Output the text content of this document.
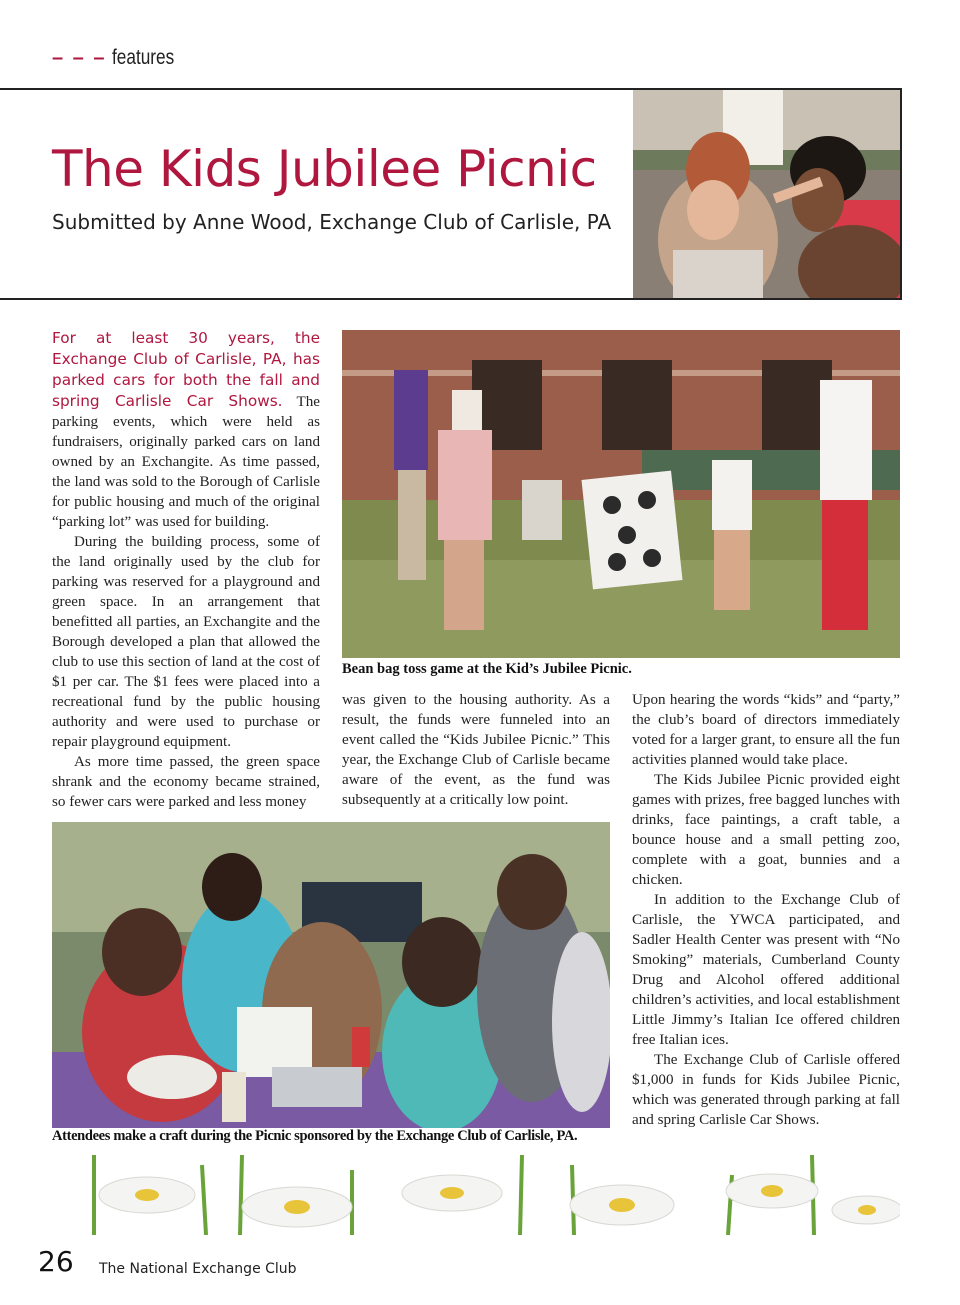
– – – features
The Kids Jubilee Picnic
Submitted by Anne Wood, Exchange Club of Carlisle, PA

For at least 30 years, the Exchange Club of Carlisle, PA, has parked cars for both the fall and spring Carlisle Car Shows. The parking events, which were held as fundraisers, originally parked cars on land owned by an Exchangite. As time passed, the land was sold to the Borough of Carlisle for public housing and much of the original “parking lot” was used for building.

During the building process, some of the land originally used by the club for parking was reserved for a playground and green space. In an arrangement that benefitted all parties, an Exchangite and the Borough developed a plan that allowed the club to use this section of land at the cost of $1 per car. The $1 fees were placed into a recreational fund by the public housing authority and were used to purchase or repair playground equipment.

As more time passed, the green space shrank and the economy became strained, so fewer cars were parked and less money

Bean bag toss game at the Kid’s Jubilee Picnic.

was given to the housing authority. As a result, the funds were funneled into an event called the “Kids Jubilee Picnic.” This year, the Exchange Club of Carlisle became aware of the event, as the fund was subsequently at a critically low point.

Upon hearing the words “kids” and “party,” the club’s board of directors immediately voted for a larger grant, to ensure all the fun activities planned would take place.

The Kids Jubilee Picnic provided eight games with prizes, free bagged lunches with drinks, face paintings, a craft table, a bounce house and a small petting zoo, complete with a goat, bunnies and a chicken.

In addition to the Exchange Club of Carlisle, the YWCA participated, and Sadler Health Center was present with “No Smoking” materials, Cumberland County Drug and Alcohol offered additional children’s activities, and local establishment Little Jimmy’s Italian Ice offered children free Italian ices.

The Exchange Club of Carlisle offered $1,000 in funds for Kids Jubilee Picnic, which was generated through parking at fall and spring Carlisle Car Shows.

Attendees make a craft during the Picnic sponsored by the Exchange Club of Carlisle, PA.
26 The National Exchange Club
